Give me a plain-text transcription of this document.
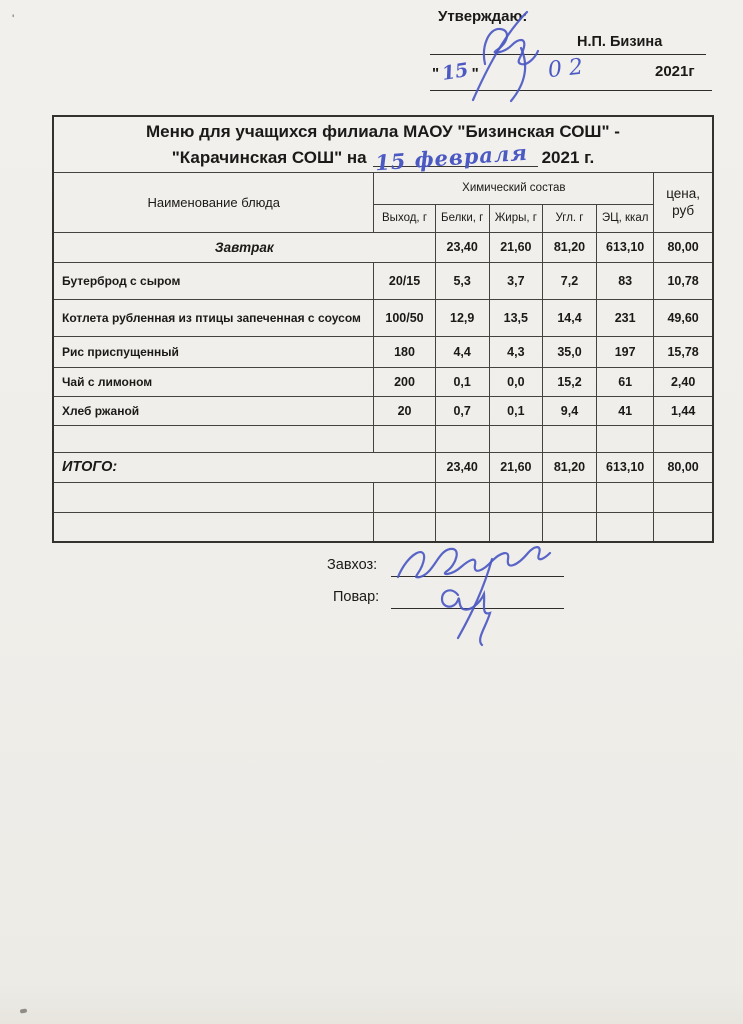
'	Утверждаю:
Н.П. Бизина
"15"	02	2021г
Меню для учащихся филиала МАОУ "Бизинская СОШ" -
"Карачинская СОШ" на 15 февраля 2021 г.						

Наименование блюда	Химический состав					цена, руб
	Выход, г	Белки, г	Жиры, г	Угл. г	ЭЦ, ккал	
Завтрак		23,40	21,60	81,20	613,10	80,00
Бутерброд с сыром	20/15	5,3	3,7	7,2	83	10,78
Котлета рубленная из птицы запеченная с соусом	100/50	12,9	13,5	14,4	231	49,60
Рис приспущенный	180	4,4	4,3	35,0	197	15,78
Чай с лимоном	200	0,1	0,0	15,2	61	2,40
Хлеб ржаной	20	0,7	0,1	9,4	41	1,44

ИТОГО:		23,40	21,60	81,20	613,10	80,00

Завхоз:
Повар:
